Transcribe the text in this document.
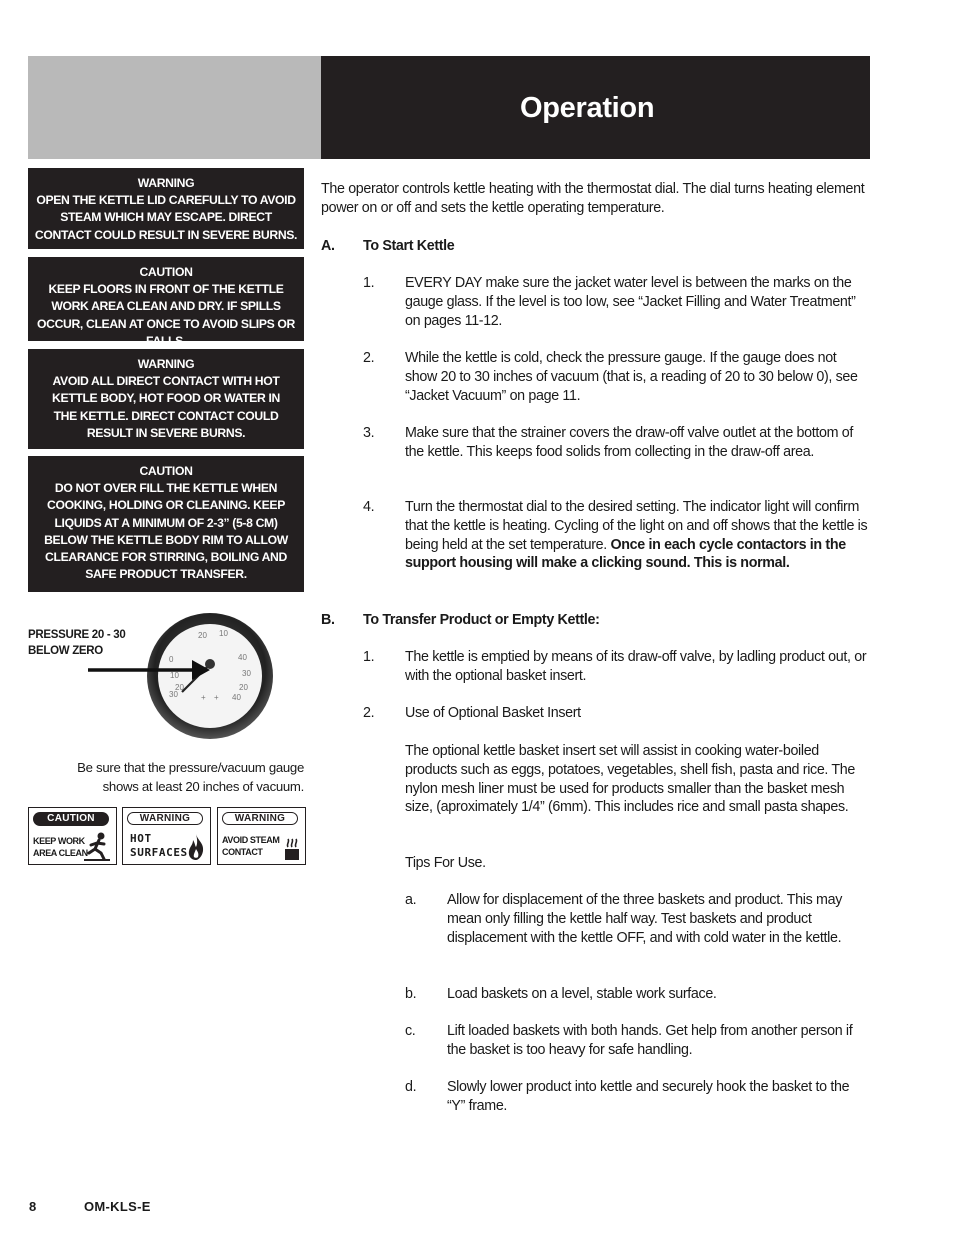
Operation
WARNING
OPEN THE KETTLE LID CAREFULLY TO AVOID STEAM WHICH MAY ESCAPE. DIRECT CONTACT COULD RESULT IN SEVERE BURNS.
CAUTION
KEEP FLOORS IN FRONT OF THE KETTLE WORK AREA CLEAN AND DRY. IF SPILLS OCCUR, CLEAN AT ONCE TO AVOID SLIPS OR FALLS.
WARNING
AVOID ALL DIRECT CONTACT WITH HOT KETTLE BODY, HOT FOOD OR WATER IN THE KETTLE. DIRECT CONTACT COULD RESULT IN SEVERE BURNS.
CAUTION
DO NOT OVER FILL THE KETTLE WHEN COOKING, HOLDING OR CLEANING. KEEP LIQUIDS AT A MINIMUM OF 2-3” (5-8 CM) BELOW THE KETTLE BODY RIM TO ALLOW CLEARANCE FOR STIRRING, BOILING AND SAFE PRODUCT TRANSFER.
PRESSURE 20 - 30
BELOW ZERO
20 10
0
10
20
30
40
30
20
+ + 40
Be sure that the pressure/vacuum gauge
shows at least 20 inches of vacuum.
CAUTION
KEEP WORK
AREA CLEAN
WARNING
HOT
SURFACES
WARNING
AVOID STEAM
CONTACT
The operator controls kettle heating with the thermostat dial. The dial turns heating element power on or off and sets the kettle operating temperature.
A. To Start Kettle
1. EVERY DAY make sure the jacket water level is between the marks on the gauge glass. If the level is too low, see “Jacket Filling and Water Treatment” on pages 11-12.
2. While the kettle is cold, check the pressure gauge. If the gauge does not show 20 to 30 inches of vacuum (that is, a reading of 20 to 30 below 0), see “Jacket Vacuum” on page 11.
3. Make sure that the strainer covers the draw-off valve outlet at the bottom of the kettle. This keeps food solids from collecting in the draw-off area.
4. Turn the thermostat dial to the desired setting. The indicator light will confirm that the kettle is heating. Cycling of the light on and off shows that the kettle is being held at the set temperature. Once in each cycle contactors in the support housing will make a clicking sound. This is normal.
B. To Transfer Product or Empty Kettle:
1. The kettle is emptied by means of its draw-off valve, by ladling product out, or with the optional basket insert.
2. Use of Optional Basket Insert
The optional kettle basket insert set will assist in cooking water-boiled products such as eggs, potatoes, vegetables, shell fish, pasta and rice. The nylon mesh liner must be used for products smaller than the basket mesh size, (aproximately 1/4” (6mm). This includes rice and small pasta shapes.
Tips For Use.
a. Allow for displacement of the three baskets and product. This may mean only filling the kettle half way. Test baskets and product displacement with the kettle OFF, and with cold water in the kettle.
b. Load baskets on a level, stable work surface.
c. Lift loaded baskets with both hands. Get help from another person if the basket is too heavy for safe handling.
d. Slowly lower product into kettle and securely hook the basket to the “Y” frame.
8	OM-KLS-E
